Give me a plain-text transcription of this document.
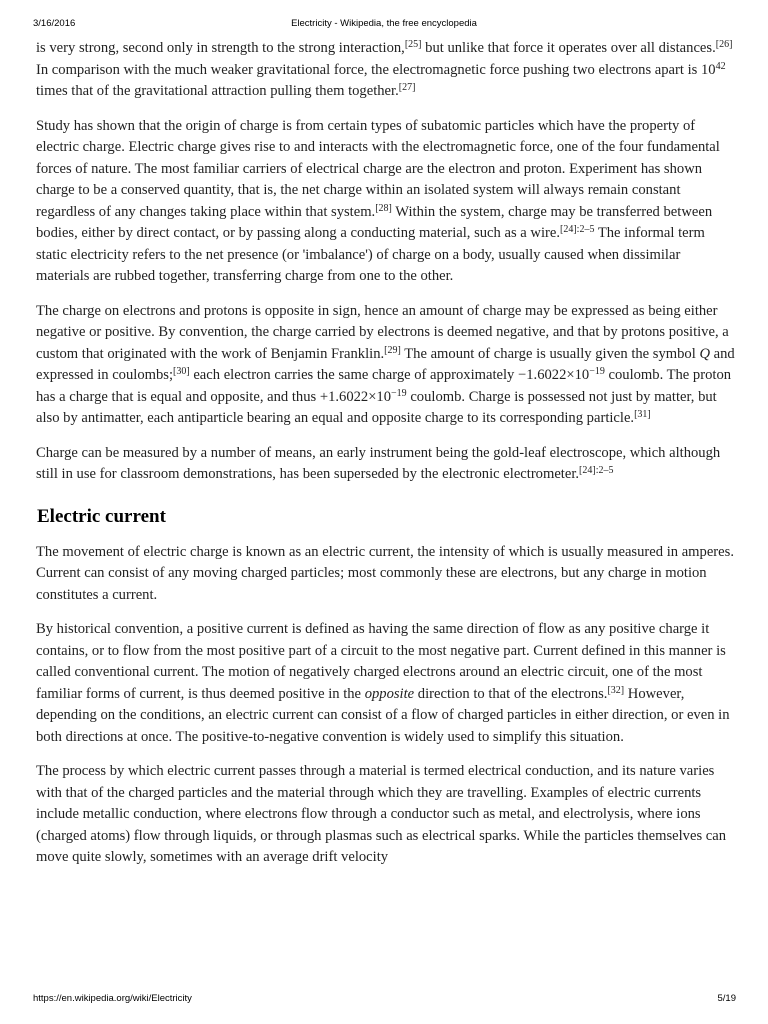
3/16/2016	Electricity - Wikipedia, the free encyclopedia

is very strong, second only in strength to the strong interaction,[25] but unlike that force it operates over all distances.[26] In comparison with the much weaker gravitational force, the electromagnetic force pushing two electrons apart is $10^{42}$ times that of the gravitational attraction pulling them together.[27]

Study has shown that the origin of charge is from certain types of subatomic particles which have the property of electric charge. Electric charge gives rise to and interacts with the electromagnetic force, one of the four fundamental forces of nature. The most familiar carriers of electrical charge are the electron and proton. Experiment has shown charge to be a conserved quantity, that is, the net charge within an isolated system will always remain constant regardless of any changes taking place within that system.[28] Within the system, charge may be transferred between bodies, either by direct contact, or by passing along a conducting material, such as a wire.$^{[24]:2-5}$ The informal term static electricity refers to the net presence (or 'imbalance') of charge on a body, usually caused when dissimilar materials are rubbed together, transferring charge from one to the other.

The charge on electrons and protons is opposite in sign, hence an amount of charge may be expressed as being either negative or positive. By convention, the charge carried by electrons is deemed negative, and that by protons positive, a custom that originated with the work of Benjamin Franklin.[29] The amount of charge is usually given the symbol Q and expressed in coulombs;[30] each electron carries the same charge of approximately $-1.6022\times 10^{-19}$ coulomb. The proton has a charge that is equal and opposite, and thus $+1.6022\times 10^{-19}$ coulomb. Charge is possessed not just by matter, but also by antimatter, each antiparticle bearing an equal and opposite charge to its corresponding particle.[31]

Charge can be measured by a number of means, an early instrument being the gold-leaf electroscope, which although still in use for classroom demonstrations, has been superseded by the electronic electrometer.$^{[24]:2-5}$

Electric current

The movement of electric charge is known as an electric current, the intensity of which is usually measured in amperes. Current can consist of any moving charged particles; most commonly these are electrons, but any charge in motion constitutes a current.

By historical convention, a positive current is defined as having the same direction of flow as any positive charge it contains, or to flow from the most positive part of a circuit to the most negative part. Current defined in this manner is called conventional current. The motion of negatively charged electrons around an electric circuit, one of the most familiar forms of current, is thus deemed positive in the opposite direction to that of the electrons.[32] However, depending on the conditions, an electric current can consist of a flow of charged particles in either direction, or even in both directions at once. The positive-to-negative convention is widely used to simplify this situation.

The process by which electric current passes through a material is termed electrical conduction, and its nature varies with that of the charged particles and the material through which they are travelling. Examples of electric currents include metallic conduction, where electrons flow through a conductor such as metal, and electrolysis, where ions (charged atoms) flow through liquids, or through plasmas such as electrical sparks. While the particles themselves can move quite slowly, sometimes with an average drift velocity

https://en.wikipedia.org/wiki/Electricity	5/19
